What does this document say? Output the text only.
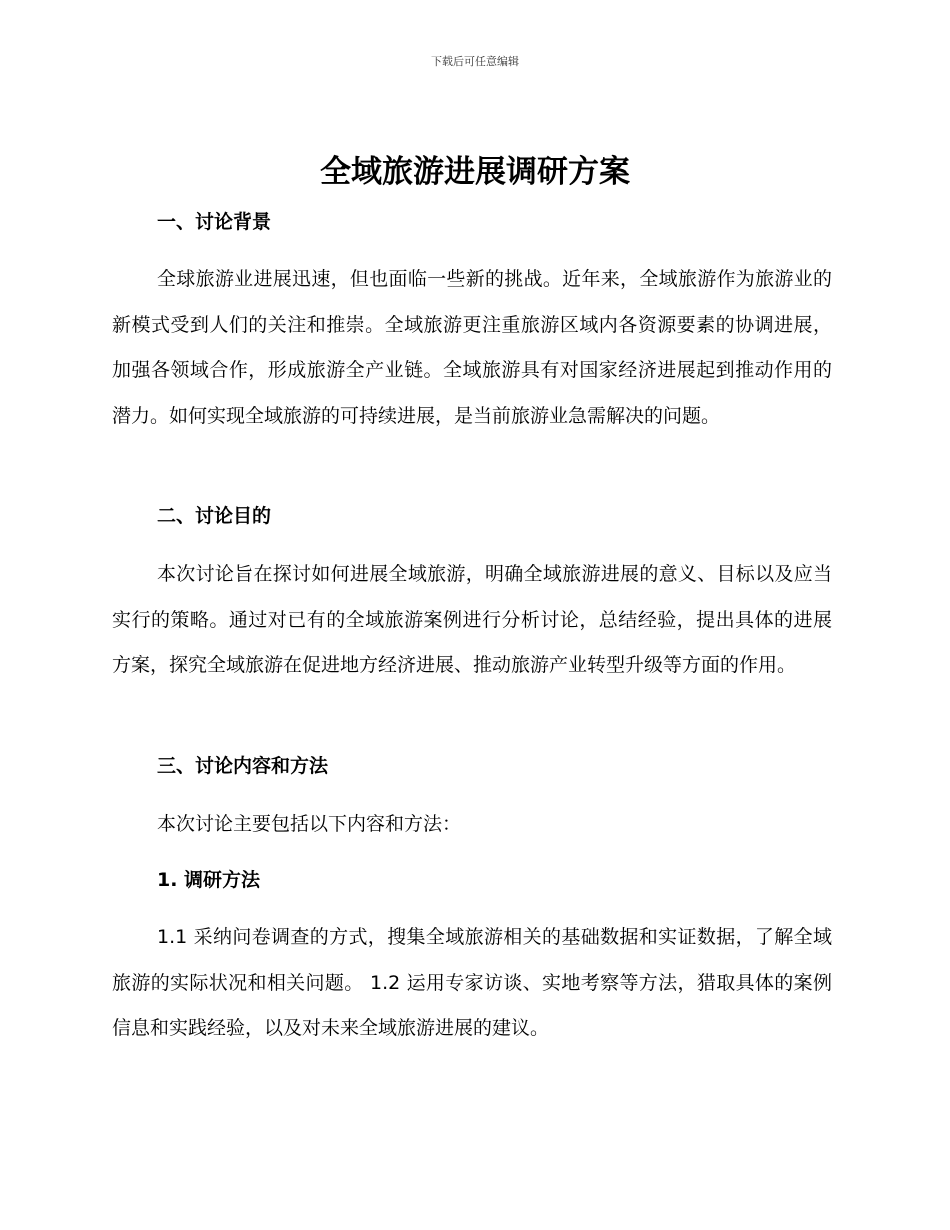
下载后可任意编辑
全域旅游进展调研方案
一、讨论背景

全球旅游业进展迅速，但也面临一些新的挑战。近年来，全域旅游作为旅游业的新模式受到人们的关注和推崇。全域旅游更注重旅游区域内各资源要素的协调进展，加强各领域合作，形成旅游全产业链。全域旅游具有对国家经济进展起到推动作用的潜力。如何实现全域旅游的可持续进展，是当前旅游业急需解决的问题。

二、讨论目的

本次讨论旨在探讨如何进展全域旅游，明确全域旅游进展的意义、目标以及应当实行的策略。通过对已有的全域旅游案例进行分析讨论，总结经验，提出具体的进展方案，探究全域旅游在促进地方经济进展、推动旅游产业转型升级等方面的作用。

三、讨论内容和方法

本次讨论主要包括以下内容和方法：

1. 调研方法

1.1 采纳问卷调查的方式，搜集全域旅游相关的基础数据和实证数据，了解全域旅游的实际状况和相关问题。 1.2 运用专家访谈、实地考察等方法，猎取具体的案例信息和实践经验，以及对未来全域旅游进展的建议。
